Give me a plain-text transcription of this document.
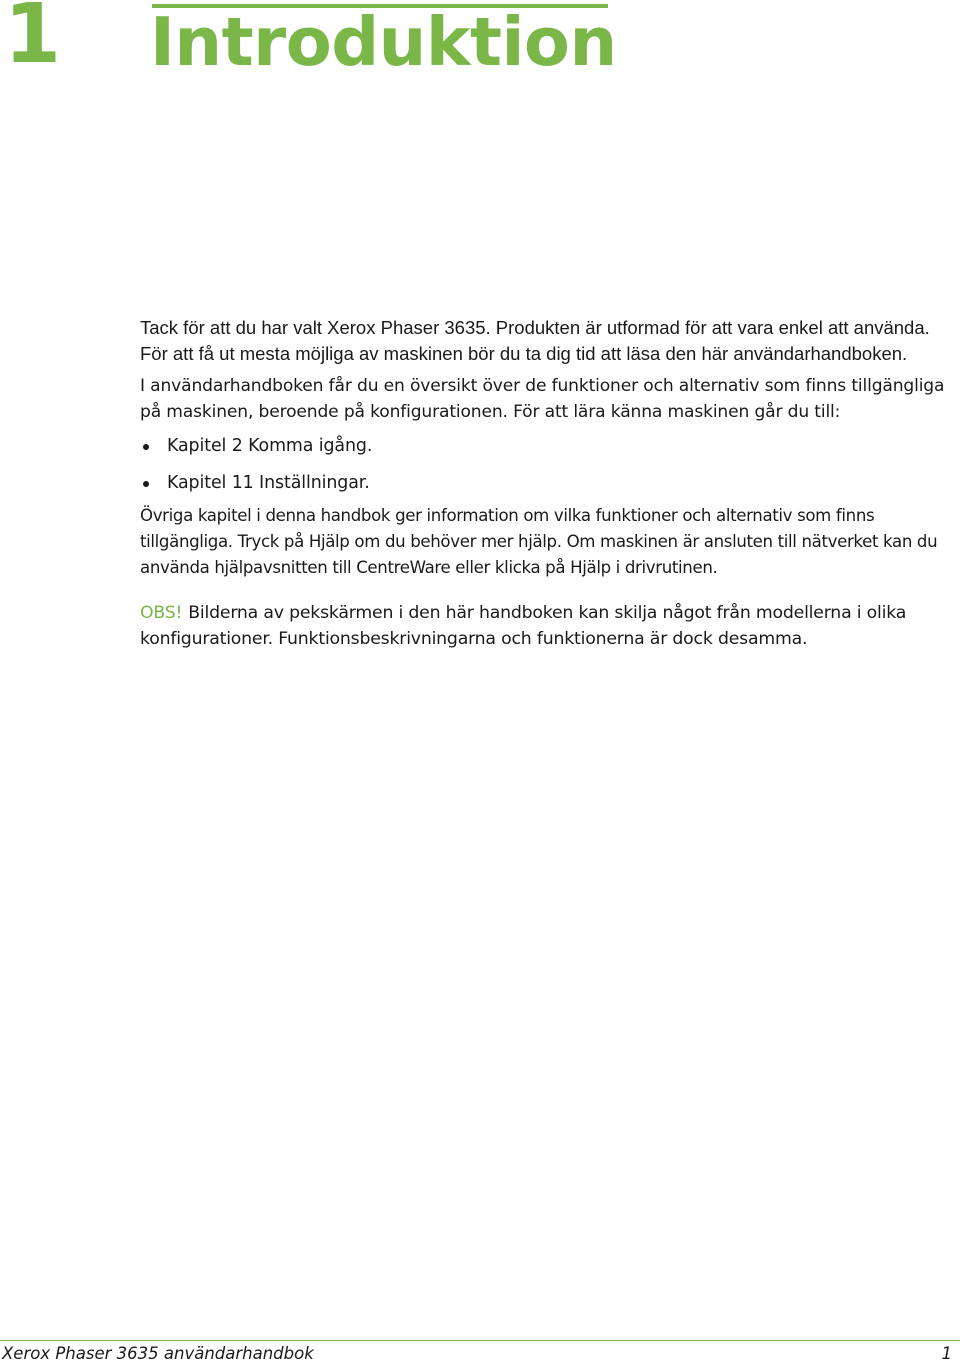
1 Introduktion

Tack för att du har valt Xerox Phaser 3635. Produkten är utformad för att vara enkel att använda. För att få ut mesta möjliga av maskinen bör du ta dig tid att läsa den här användarhandboken.

I användarhandboken får du en översikt över de funktioner och alternativ som finns tillgängliga på maskinen, beroende på konfigurationen. För att lära känna maskinen går du till:

Kapitel 2 Komma igång.
Kapitel 11 Inställningar.

Övriga kapitel i denna handbok ger information om vilka funktioner och alternativ som finns tillgängliga. Tryck på Hjälp om du behöver mer hjälp. Om maskinen är ansluten till nätverket kan du använda hjälpavsnitten till CentreWare eller klicka på Hjälp i drivrutinen.

OBS! Bilderna av pekskärmen i den här handboken kan skilja något från modellerna i olika konfigurationer. Funktionsbeskrivningarna och funktionerna är dock desamma.

Xerox Phaser 3635 användarhandbok	1
